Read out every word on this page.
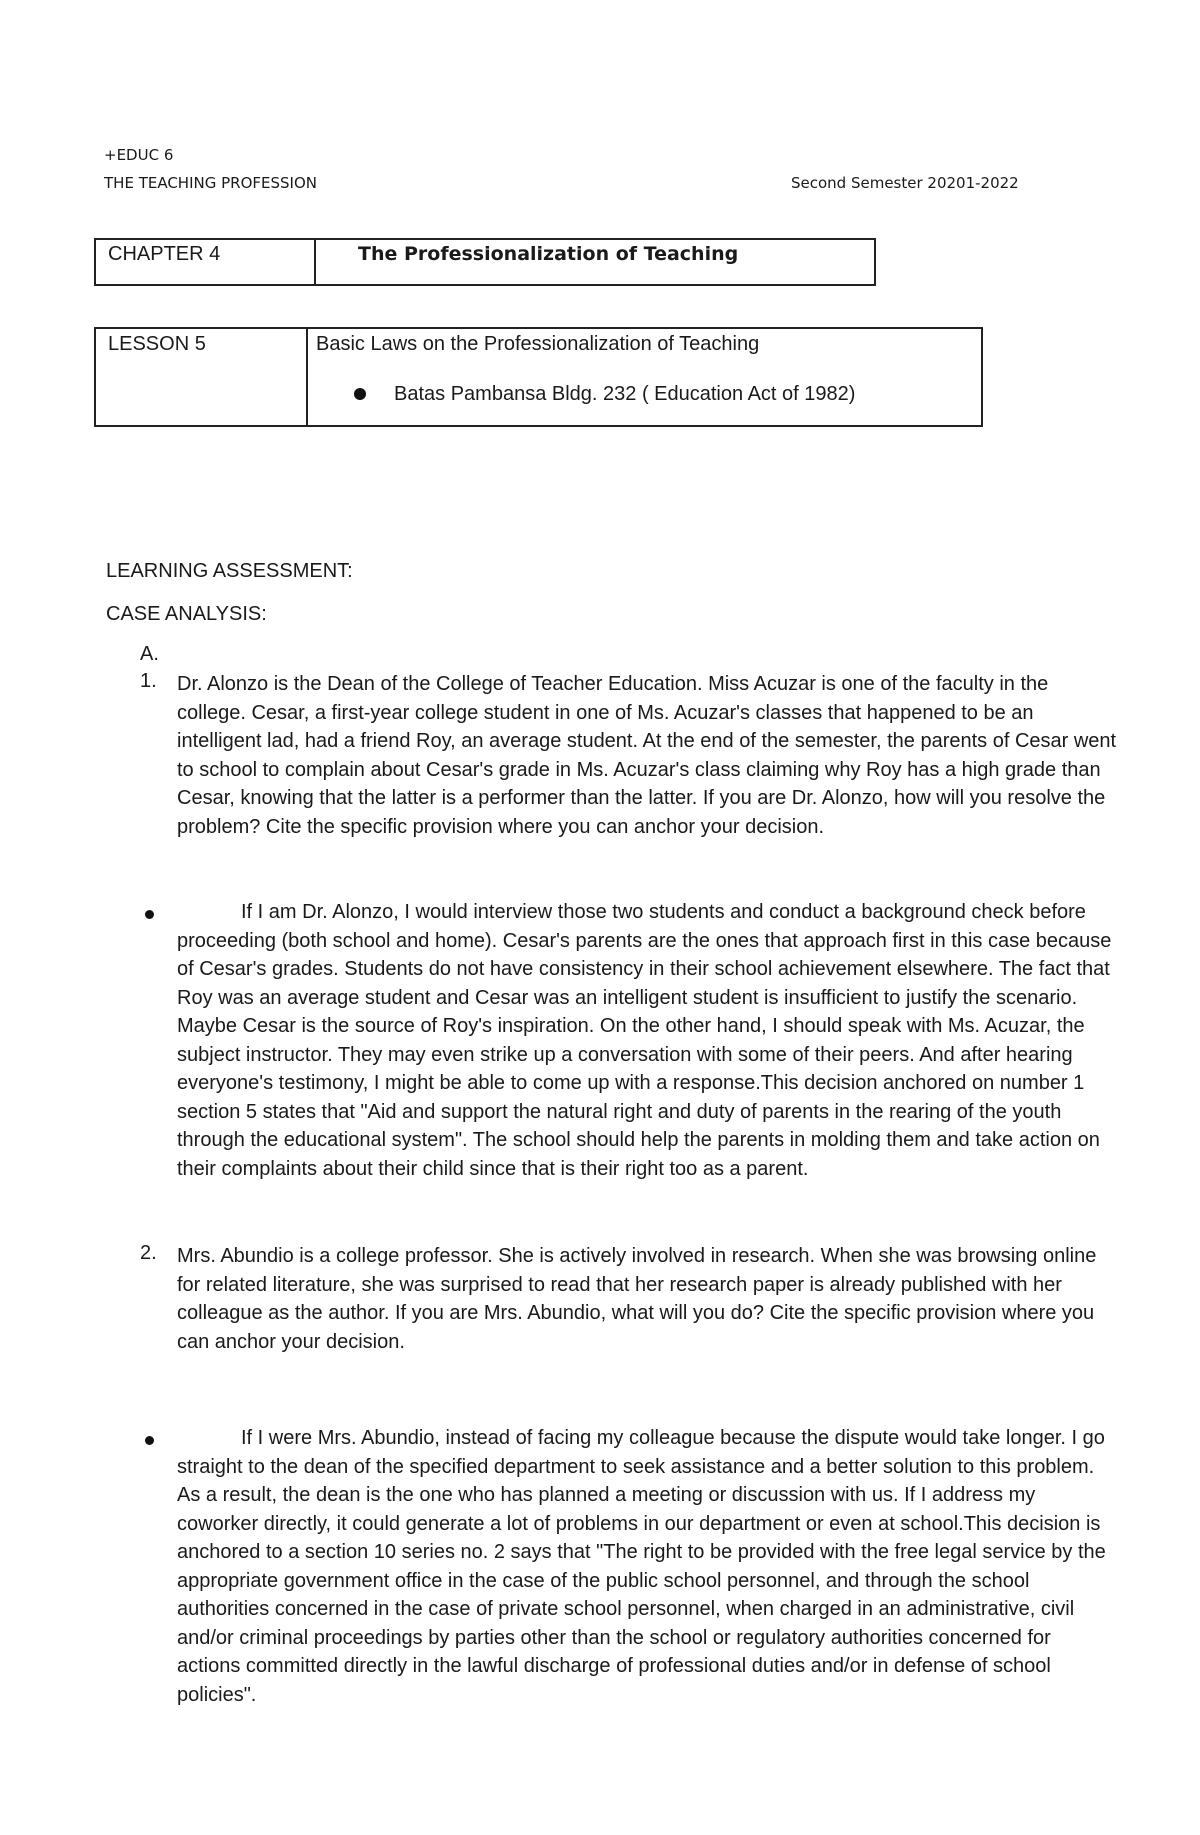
+EDUC 6
THE TEACHING PROFESSION	Second Semester 20201-2022
CHAPTER 4	The Professionalization of Teaching
LESSON 5	Basic Laws on the Professionalization of Teaching
Batas Pambansa Bldg. 232 ( Education Act of 1982)
LEARNING ASSESSMENT:
CASE ANALYSIS:
A.
1. Dr. Alonzo is the Dean of the College of Teacher Education. Miss Acuzar is one of the faculty in the college. Cesar, a first-year college student in one of Ms. Acuzar's classes that happened to be an intelligent lad, had a friend Roy, an average student. At the end of the semester, the parents of Cesar went to school to complain about Cesar's grade in Ms. Acuzar's class claiming why Roy has a high grade than Cesar, knowing that the latter is a performer than the latter. If you are Dr. Alonzo, how will you resolve the problem? Cite the specific provision where you can anchor your decision.
If I am Dr. Alonzo, I would interview those two students and conduct a background check before proceeding (both school and home). Cesar's parents are the ones that approach first in this case because of Cesar's grades. Students do not have consistency in their school achievement elsewhere. The fact that Roy was an average student and Cesar was an intelligent student is insufficient to justify the scenario. Maybe Cesar is the source of Roy's inspiration. On the other hand, I should speak with Ms. Acuzar, the subject instructor. They may even strike up a conversation with some of their peers. And after hearing everyone's testimony, I might be able to come up with a response.This decision anchored on number 1 section 5 states that "Aid and support the natural right and duty of parents in the rearing of the youth through the educational system". The school should help the parents in molding them and take action on their complaints about their child since that is their right too as a parent.
2. Mrs. Abundio is a college professor. She is actively involved in research. When she was browsing online for related literature, she was surprised to read that her research paper is already published with her colleague as the author. If you are Mrs. Abundio, what will you do? Cite the specific provision where you can anchor your decision.
If I were Mrs. Abundio, instead of facing my colleague because the dispute would take longer. I go straight to the dean of the specified department to seek assistance and a better solution to this problem. As a result, the dean is the one who has planned a meeting or discussion with us. If I address my coworker directly, it could generate a lot of problems in our department or even at school.This decision is anchored to a section 10 series no. 2 says that "The right to be provided with the free legal service by the appropriate government office in the case of the public school personnel, and through the school authorities concerned in the case of private school personnel, when charged in an administrative, civil and/or criminal proceedings by parties other than the school or regulatory authorities concerned for actions committed directly in the lawful discharge of professional duties and/or in defense of school policies".
